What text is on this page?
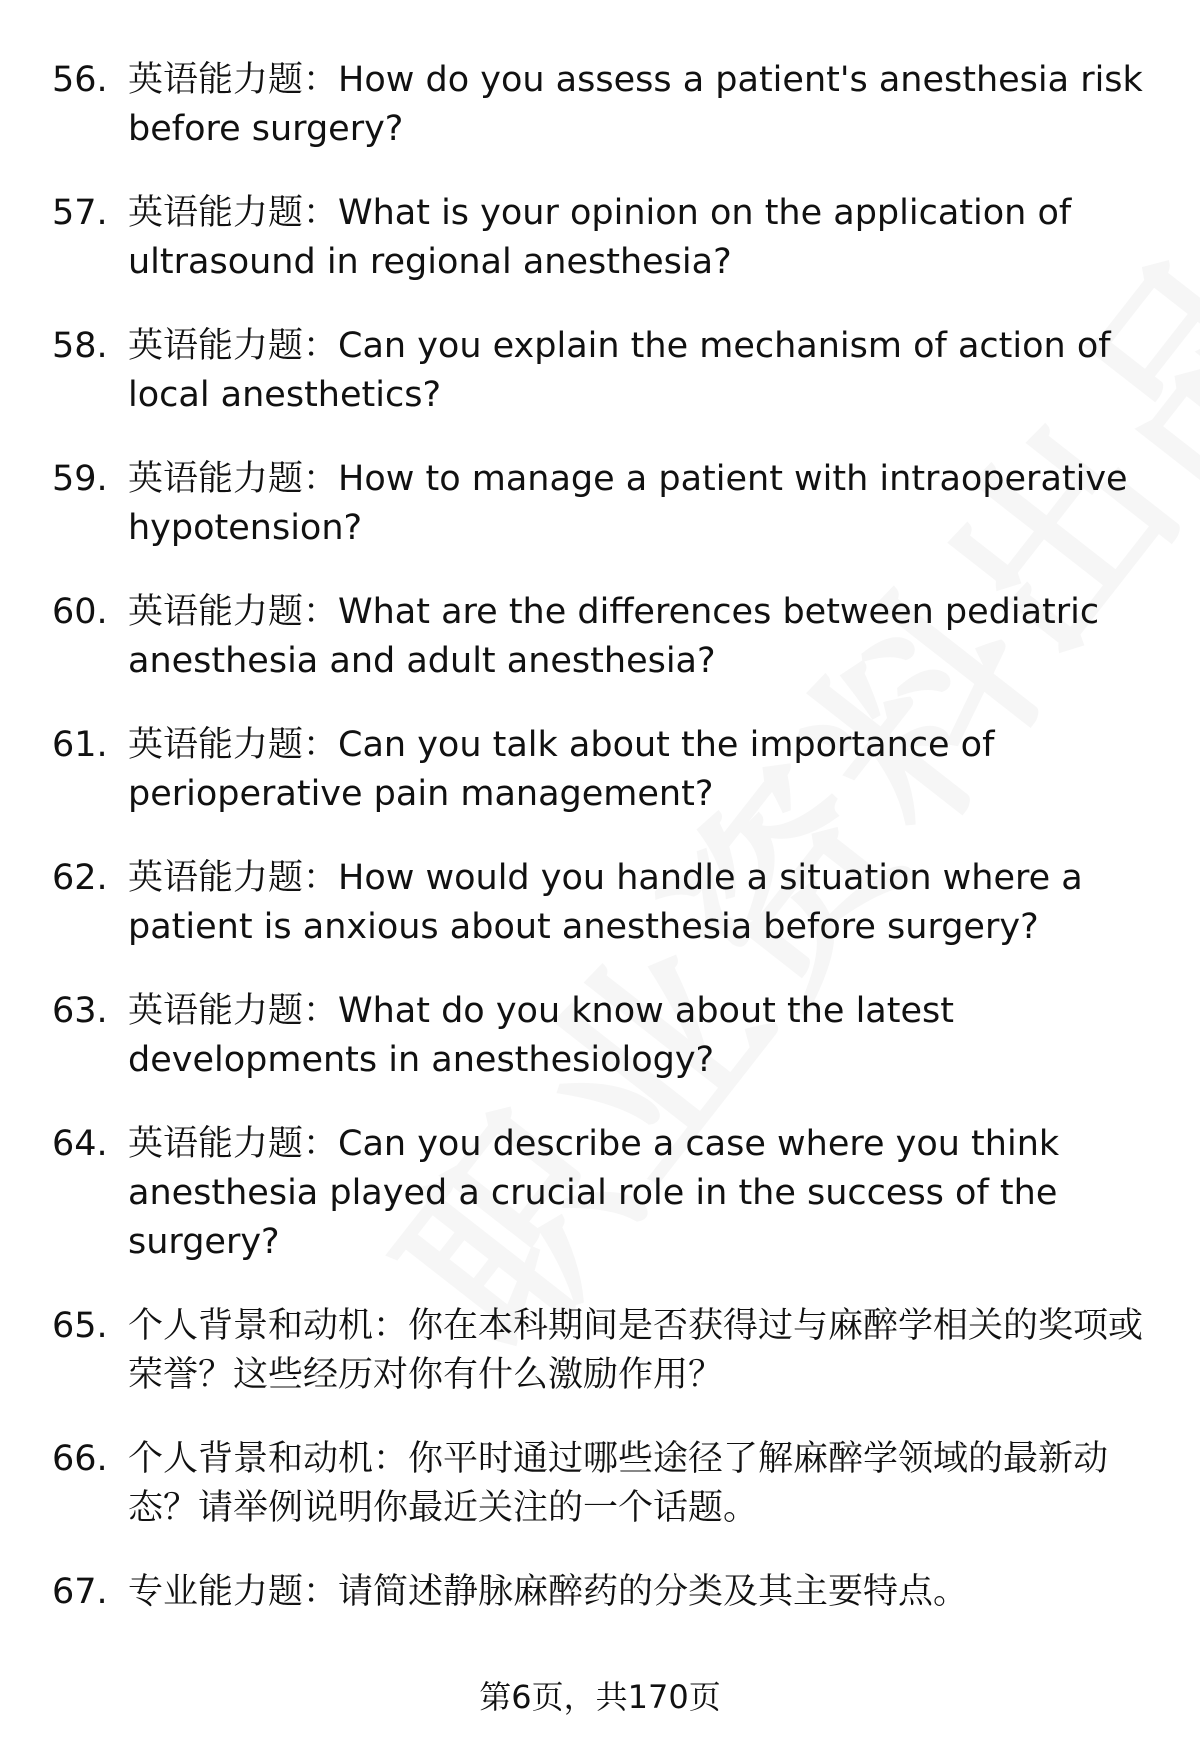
56. 英语能力题：How do you assess a patient's anesthesia risk before surgery?
57. 英语能力题：What is your opinion on the application of ultrasound in regional anesthesia?
58. 英语能力题：Can you explain the mechanism of action of local anesthetics?
59. 英语能力题：How to manage a patient with intraoperative hypotension?
60. 英语能力题：What are the differences between pediatric anesthesia and adult anesthesia?
61. 英语能力题：Can you talk about the importance of perioperative pain management?
62. 英语能力题：How would you handle a situation where a patient is anxious about anesthesia before surgery?
63. 英语能力题：What do you know about the latest developments in anesthesiology?
64. 英语能力题：Can you describe a case where you think anesthesia played a crucial role in the success of the surgery?
65. 个人背景和动机：你在本科期间是否获得过与麻醉学相关的奖项或荣誉？这些经历对你有什么激励作用？
66. 个人背景和动机：你平时通过哪些途径了解麻醉学领域的最新动态？请举例说明你最近关注的一个话题。
67. 专业能力题：请简述静脉麻醉药的分类及其主要特点。
第6页，共170页
